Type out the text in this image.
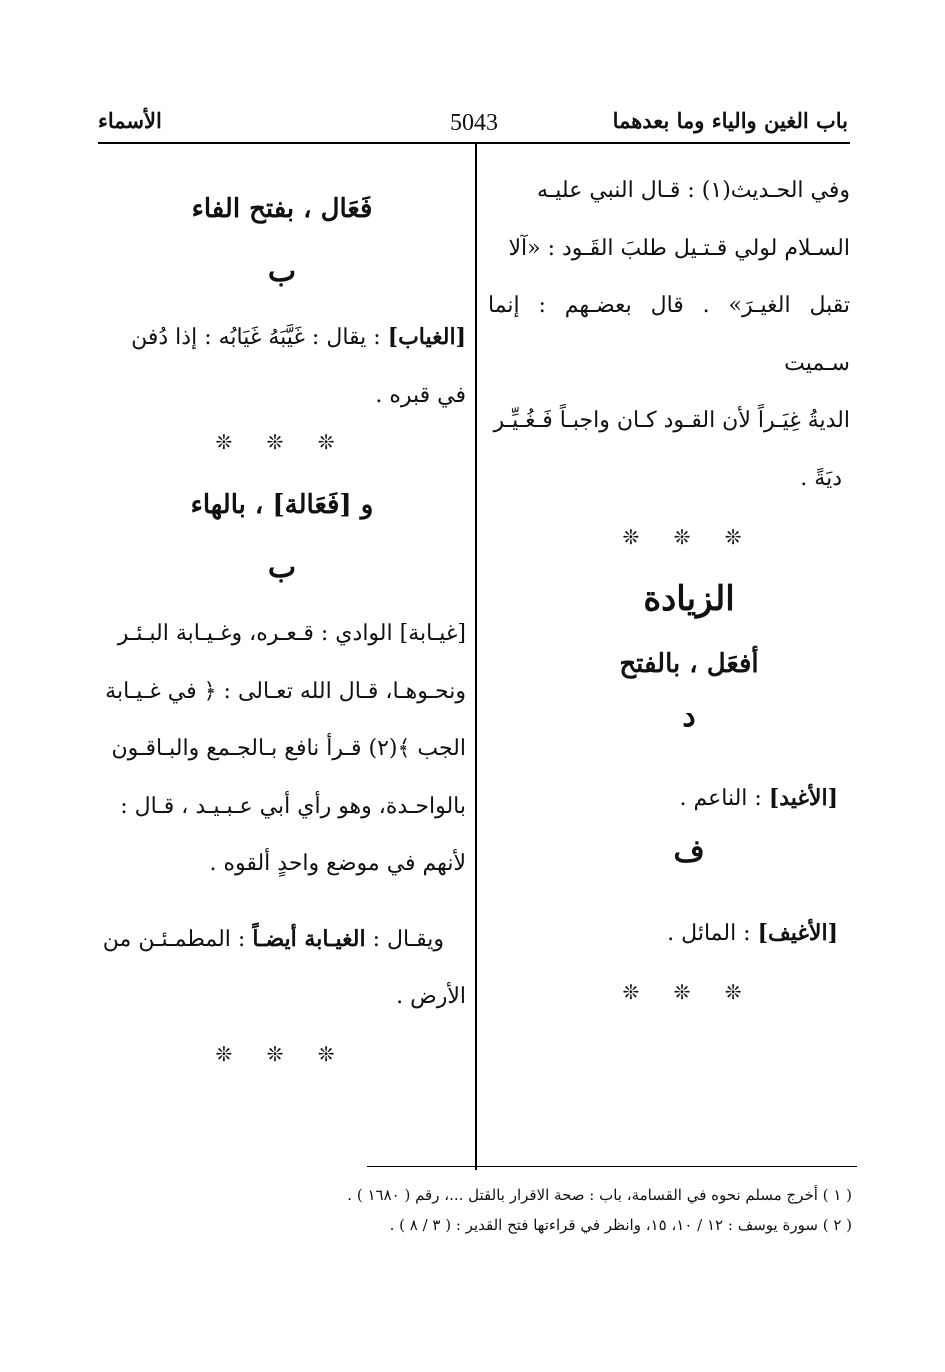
باب الغين والياء وما بعدهما
5043
الأسماء

وفي الحـديث(١) : قـال النبي عليـه

السـلام لولي قـتـيل طلبَ القَـود : «آلا

تقبل الغيـرَ» . قال بعضـهم : إنما سـميت

الديةُ غِيَـراً لأن القـود كـان واجبـاً فَـغُـيِّـر

ديَةً .

❊ ❊ ❊

الزيادة

أفعَل ، بالفتح

د

[الأغيد] : الناعم .

ف

[الأغيف] : المائل .

❊ ❊ ❊

فَعَال ، بفتح الفاء

ب

[الغياب] : يقال : غَيَّبَهُ غَيَابُه : إذا دُفن

في قبره .

❊ ❊ ❊

و [فَعَالة] ، بالهاء

ب

[غيـابة] الوادي : قـعـره، وغـيـابة البـئـر

ونحـوهـا، قـال الله تعـالى : ﴿ في غـيـابة

الجب ﴾(٢) قـرأ نافع بـالجـمع والبـاقـون

بالواحـدة، وهو رأي أبي عـبـيـد ، قـال :

لأنهم في موضع واحدٍ ألقوه .

ويقـال : الغيـابة أيضـاً : المطمـئـن من

الأرض .

❊ ❊ ❊

( ١ ) أخرج مسلم نحوه في القسامة، باب : صحة الاقرار بالقتل ...، رقم ( ١٦٨٠ ) .
( ٢ ) سورة يوسف : ١٢ / ١٠، ١٥، وانظر في قراءتها فتح القدير : ( ٣ / ٨ ) .
